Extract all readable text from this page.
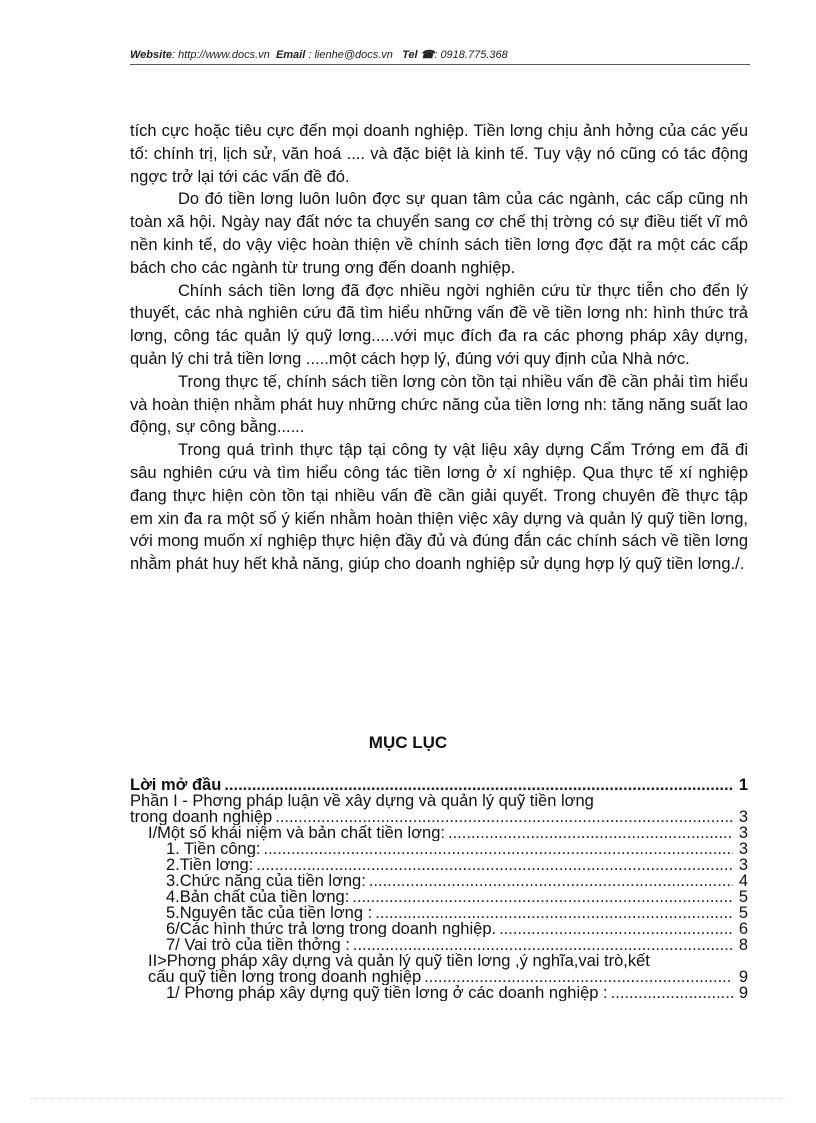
Website: http://www.docs.vn Email : lienhe@docs.vn Tel ☎: 0918.775.368

tích cực hoặc tiêu cực đến mọi doanh nghiệp. Tiền lơng chịu ảnh hởng của các yếu tố: chính trị, lịch sử, văn hoá .... và đặc biệt là kinh tế. Tuy vậy nó cũng có tác động ngợc trở lại tới các vấn đề đó.

Do đó tiền lơng luôn luôn đợc sự quan tâm của các ngành, các cấp cũng nh toàn xã hội. Ngày nay đất nớc ta chuyển sang cơ chế thị trờng có sự điều tiết vĩ mô nền kinh tế, do vậy việc hoàn thiện về chính sách tiền lơng đợc đặt ra một các cấp bách cho các ngành từ trung ơng đến doanh nghiệp.

Chính sách tiền lơng đã đợc nhiều ngời nghiên cứu từ thực tiễn cho đến lý thuyết, các nhà nghiên cứu đã tìm hiểu những vấn đề về tiền lơng nh: hình thức trả lơng, công tác quản lý quỹ lơng.....với mục đích đa ra các phơng pháp xây dựng, quản lý chi trả tiền lơng .....một cách hợp lý, đúng với quy định của Nhà nớc.

Trong thực tế, chính sách tiền lơng còn tồn tại nhiều vấn đề cần phải tìm hiểu và hoàn thiện nhằm phát huy những chức năng của tiền lơng nh: tăng năng suất lao động, sự công bằng......

Trong quá trình thực tập tại công ty vật liệu xây dựng Cẩm Trớng em đã đi sâu nghiên cứu và tìm hiểu công tác tiền lơng ở xí nghiệp. Qua thực tế xí nghiệp đang thực hiện còn tồn tại nhiều vấn đề cần giải quyết. Trong chuyên đề thực tập em xin đa ra một số ý kiến nhằm hoàn thiện việc xây dựng và quản lý quỹ tiền lơng, với mong muốn xí nghiệp thực hiện đầy đủ và đúng đắn các chính sách về tiền lơng nhằm phát huy hết khả năng, giúp cho doanh nghiệp sử dụng hợp lý quỹ tiền lơng./.

MỤC LỤC
Lời mở đầu .....	1
Phần I - Phơng pháp luận về xây dựng và quản lý quỹ tiền lơng
trong doanh nghiệp .....	3
I/Một số khái niệm và bản chất tiền lơng: .....	3
1. Tiền công: .....	3
2.Tiền lơng: .....	3
3.Chức năng của tiền lơng: .....	4
4.Bản chất của tiền lơng: .....	5
5.Nguyên tắc của tiền lơng : .....	5
6/Các hình thức trả lơng trong doanh nghiệp. .....	6
7/ Vai trò của tiền thởng : .....	8
II>Phơng pháp xây dựng và quản lý quỹ tiền lơng ,ý nghĩa,vai trò,kết
cấu quỹ tiền lơng trong doanh nghiệp .....	9
1/ Phơng pháp xây dựng quỹ tiền lơng ở các doanh nghiệp : .....	9
